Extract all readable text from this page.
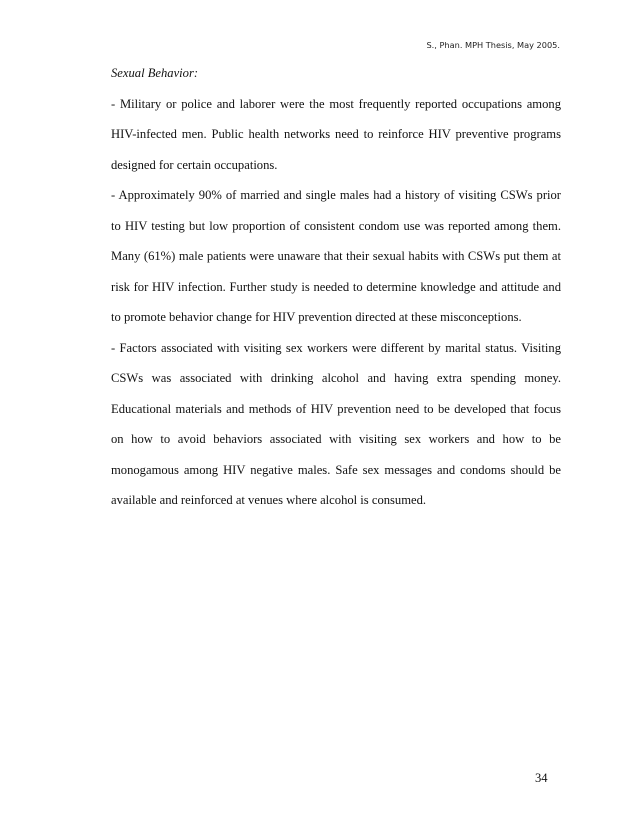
S., Phan. MPH Thesis, May 2005.

Sexual Behavior:

- Military or police and laborer were the most frequently reported occupations among HIV-infected men. Public health networks need to reinforce HIV preventive programs designed for certain occupations.

- Approximately 90% of married and single males had a history of visiting CSWs prior to HIV testing but low proportion of consistent condom use was reported among them. Many (61%) male patients were unaware that their sexual habits with CSWs put them at risk for HIV infection. Further study is needed to determine knowledge and attitude and to promote behavior change for HIV prevention directed at these misconceptions.

- Factors associated with visiting sex workers were different by marital status. Visiting CSWs was associated with drinking alcohol and having extra spending money. Educational materials and methods of HIV prevention need to be developed that focus on how to avoid behaviors associated with visiting sex workers and how to be monogamous among HIV negative males. Safe sex messages and condoms should be available and reinforced at venues where alcohol is consumed.

34
